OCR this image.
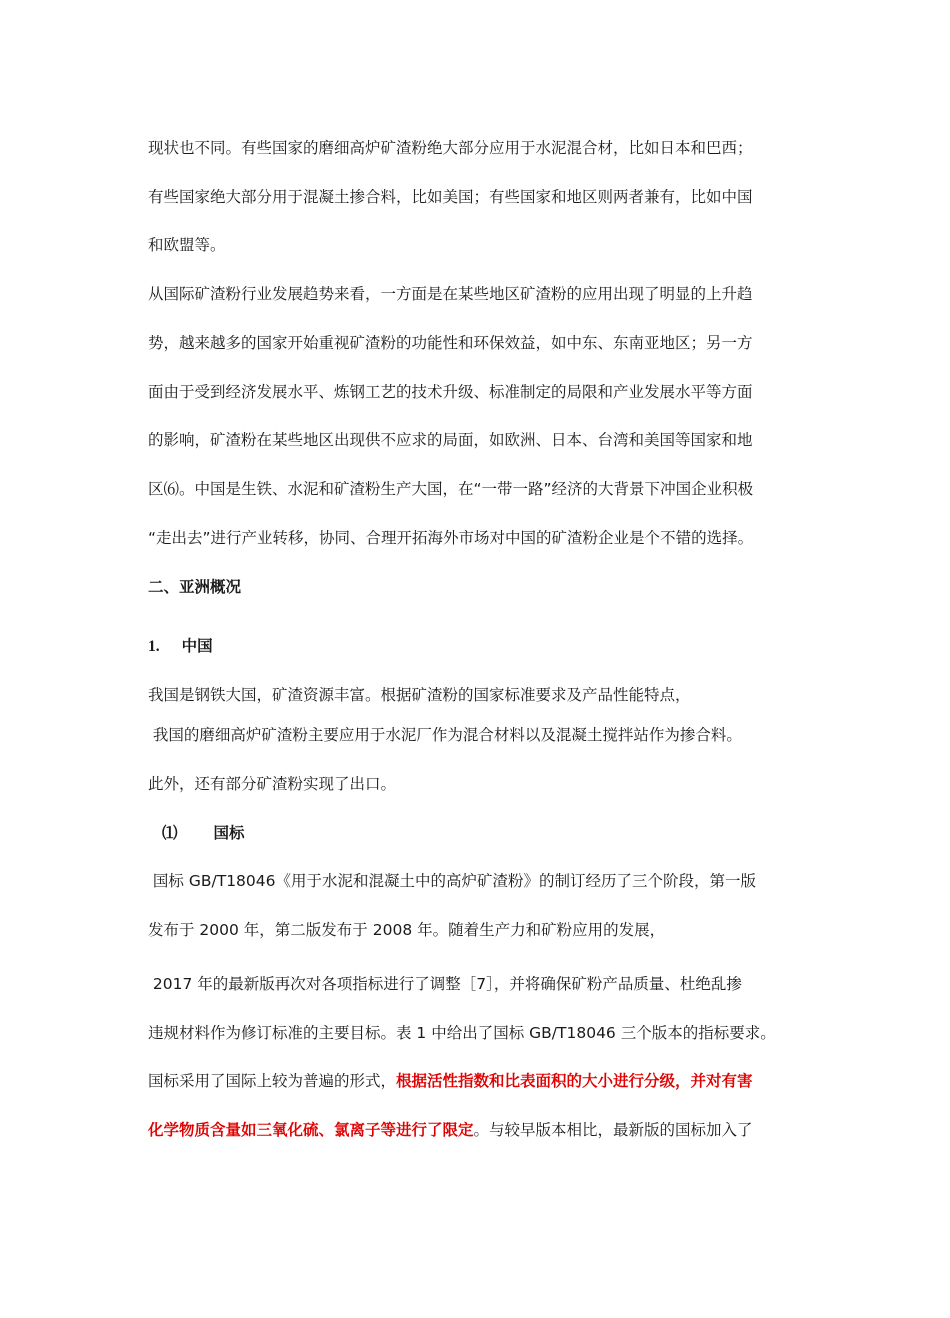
现状也不同。有些国家的磨细高炉矿渣粉绝大部分应用于水泥混合材，比如日本和巴西；
有些国家绝大部分用于混凝土掺合料，比如美国；有些国家和地区则两者兼有，比如中国
和欧盟等。
从国际矿渣粉行业发展趋势来看，一方面是在某些地区矿渣粉的应用出现了明显的上升趋
势，越来越多的国家开始重视矿渣粉的功能性和环保效益，如中东、东南亚地区；另一方
面由于受到经济发展水平、炼钢工艺的技术升级、标准制定的局限和产业发展水平等方面
的影响，矿渣粉在某些地区出现供不应求的局面，如欧洲、日本、台湾和美国等国家和地
区⑹。中国是生铁、水泥和矿渣粉生产大国，在“一带一路”经济的大背景下冲国企业积极
“走出去”进行产业转移，协同、合理开拓海外市场对中国的矿渣粉企业是个不错的选择。
二、亚洲概况
1. 中国
我国是钢铁大国，矿渣资源丰富。根据矿渣粉的国家标准要求及产品性能特点，
我国的磨细高炉矿渣粉主要应用于水泥厂作为混合材料以及混凝土搅拌站作为掺合料。
此外，还有部分矿渣粉实现了出口。
⑴ 国标
国标 GB/T18046《用于水泥和混凝土中的高炉矿渣粉》的制订经历了三个阶段，第一版
发布于 2000 年，第二版发布于 2008 年。随着生产力和矿粉应用的发展，
2017 年的最新版再次对各项指标进行了调整［7］，并将确保矿粉产品质量、杜绝乱掺
违规材料作为修订标准的主要目标。表 1 中给出了国标 GB/T18046 三个版本的指标要求。
国标采用了国际上较为普遍的形式，根据活性指数和比表面积的大小进行分级，并对有害
化学物质含量如三氧化硫、氯离子等进行了限定。与较早版本相比，最新版的国标加入了
